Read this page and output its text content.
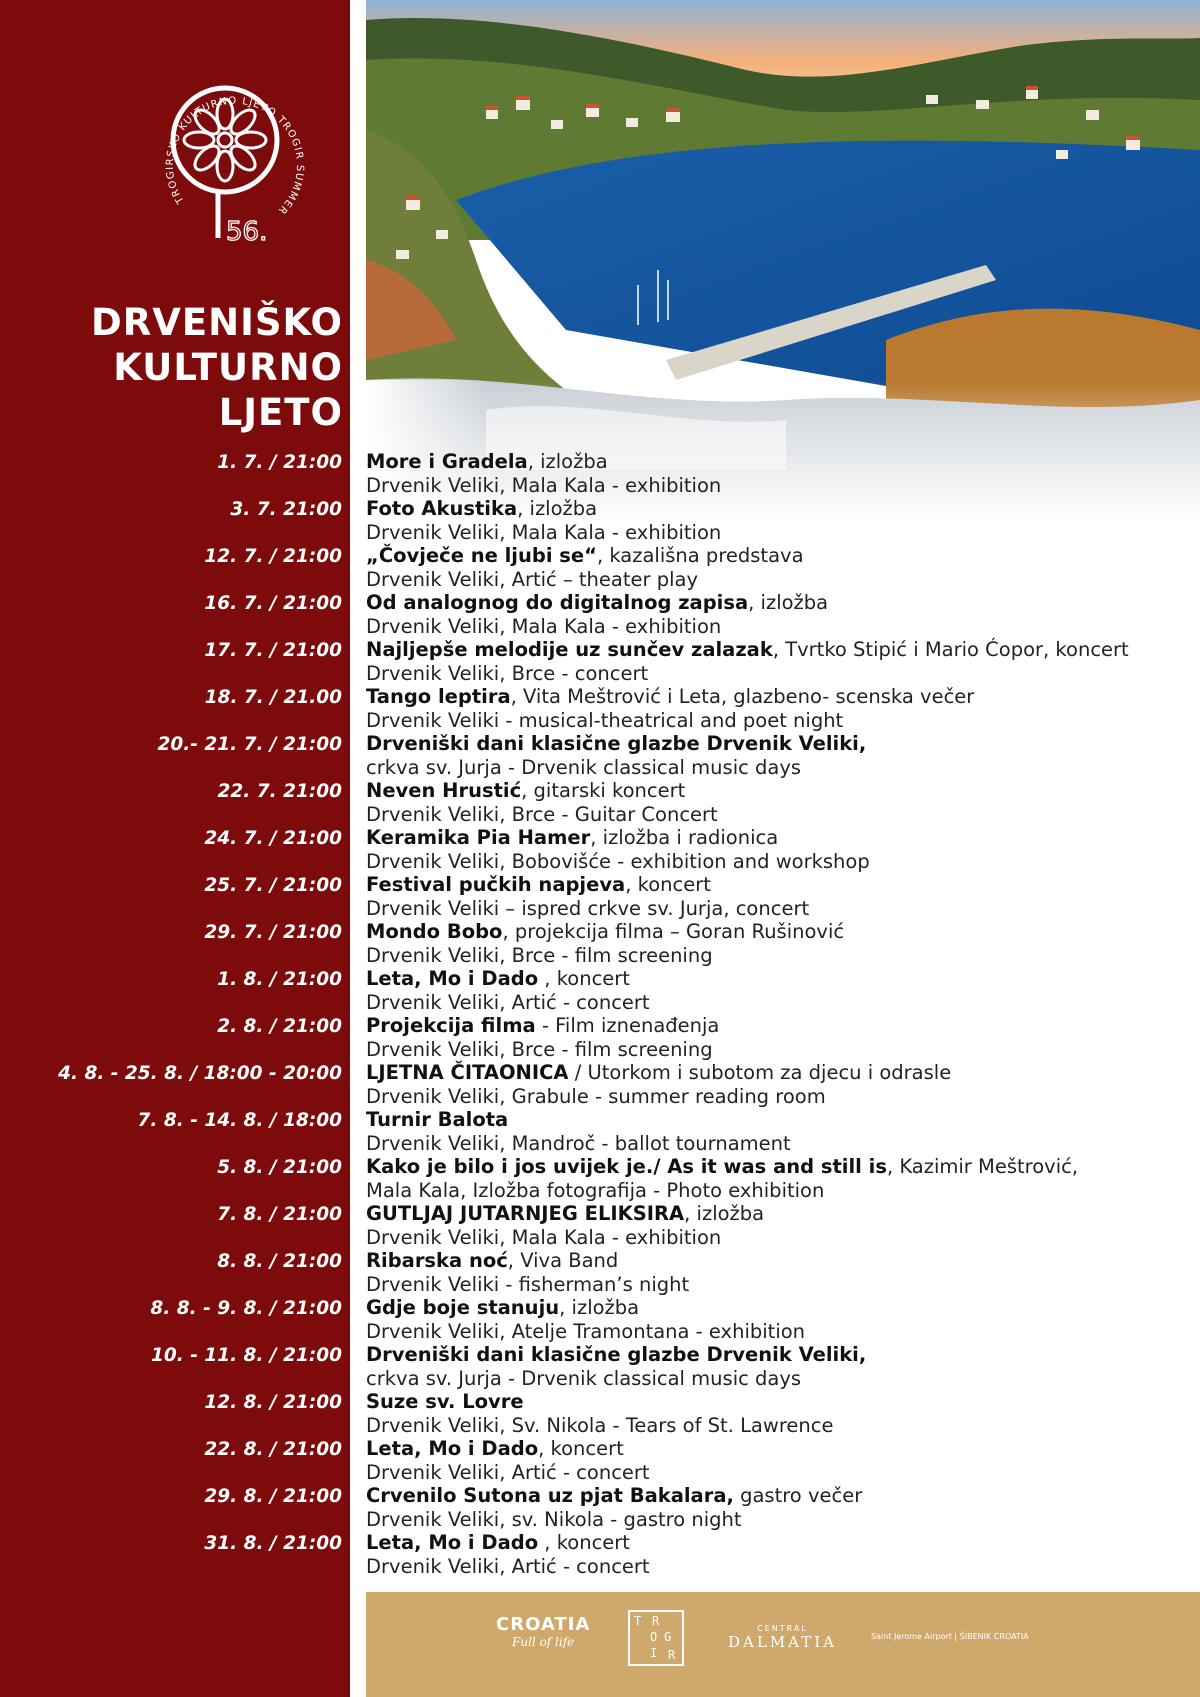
TROGIRSKO KULTURNO LJETO TROGIR SUMMER
56.
DRVENIŠKO
KULTURNO
LJETO
1. 7. / 21:00 More i Gradela, izložba
Drvenik Veliki, Mala Kala - exhibition
3. 7. 21:00 Foto Akustika, izložba
Drvenik Veliki, Mala Kala - exhibition
12. 7. / 21:00 „Čovječe ne ljubi se“, kazališna predstava
Drvenik Veliki, Artić – theater play
16. 7. / 21:00 Od analognog do digitalnog zapisa, izložba
Drvenik Veliki, Mala Kala - exhibition
17. 7. / 21:00 Najljepše melodije uz sunčev zalazak, Tvrtko Stipić i Mario Ćopor, koncert
Drvenik Veliki, Brce - concert
18. 7. / 21.00 Tango leptira, Vita Meštrović i Leta, glazbeno- scenska večer
Drvenik Veliki - musical-theatrical and poet night
20.- 21. 7. / 21:00 Drveniški dani klasične glazbe Drvenik Veliki,
crkva sv. Jurja - Drvenik classical music days
22. 7. 21:00 Neven Hrustić, gitarski koncert
Drvenik Veliki, Brce - Guitar Concert
24. 7. / 21:00 Keramika Pia Hamer, izložba i radionica
Drvenik Veliki, Bobovišće - exhibition and workshop
25. 7. / 21:00 Festival pučkih napjeva, koncert
Drvenik Veliki – ispred crkve sv. Jurja, concert
29. 7. / 21:00 Mondo Bobo, projekcija filma – Goran Rušinović
Drvenik Veliki, Brce - film screening
1. 8. / 21:00 Leta, Mo i Dado , koncert
Drvenik Veliki, Artić - concert
2. 8. / 21:00 Projekcija filma - Film iznenađenja
Drvenik Veliki, Brce - film screening
4. 8. - 25. 8. / 18:00 - 20:00 LJETNA ČITAONICA / Utorkom i subotom za djecu i odrasle
Drvenik Veliki, Grabule - summer reading room
7. 8. - 14. 8. / 18:00 Turnir Balota
Drvenik Veliki, Mandroč - ballot tournament
5. 8. / 21:00 Kako je bilo i jos uvijek je./ As it was and still is, Kazimir Meštrović,
Mala Kala, Izložba fotografija - Photo exhibition
7. 8. / 21:00 GUTLJAJ JUTARNJEG ELIKSIRA, izložba
Drvenik Veliki, Mala Kala - exhibition
8. 8. / 21:00 Ribarska noć, Viva Band
Drvenik Veliki - fisherman’s night
8. 8. - 9. 8. / 21:00 Gdje boje stanuju, izložba
Drvenik Veliki, Atelje Tramontana - exhibition
10. - 11. 8. / 21:00 Drveniški dani klasične glazbe Drvenik Veliki,
crkva sv. Jurja - Drvenik classical music days
12. 8. / 21:00 Suze sv. Lovre
Drvenik Veliki, Sv. Nikola - Tears of St. Lawrence
22. 8. / 21:00 Leta, Mo i Dado, koncert
Drvenik Veliki, Artić - concert
29. 8. / 21:00 Crvenilo Sutona uz pjat Bakalara, gastro večer
Drvenik Veliki, sv. Nikola - gastro night
31. 8. / 21:00 Leta, Mo i Dado , koncert
Drvenik Veliki, Artić - concert
CROATIA
Full of life
T R
O G
I R
CENTRAL
DALMATIA	Saint Jerome Airport | ŠIBENIK CROATIA
